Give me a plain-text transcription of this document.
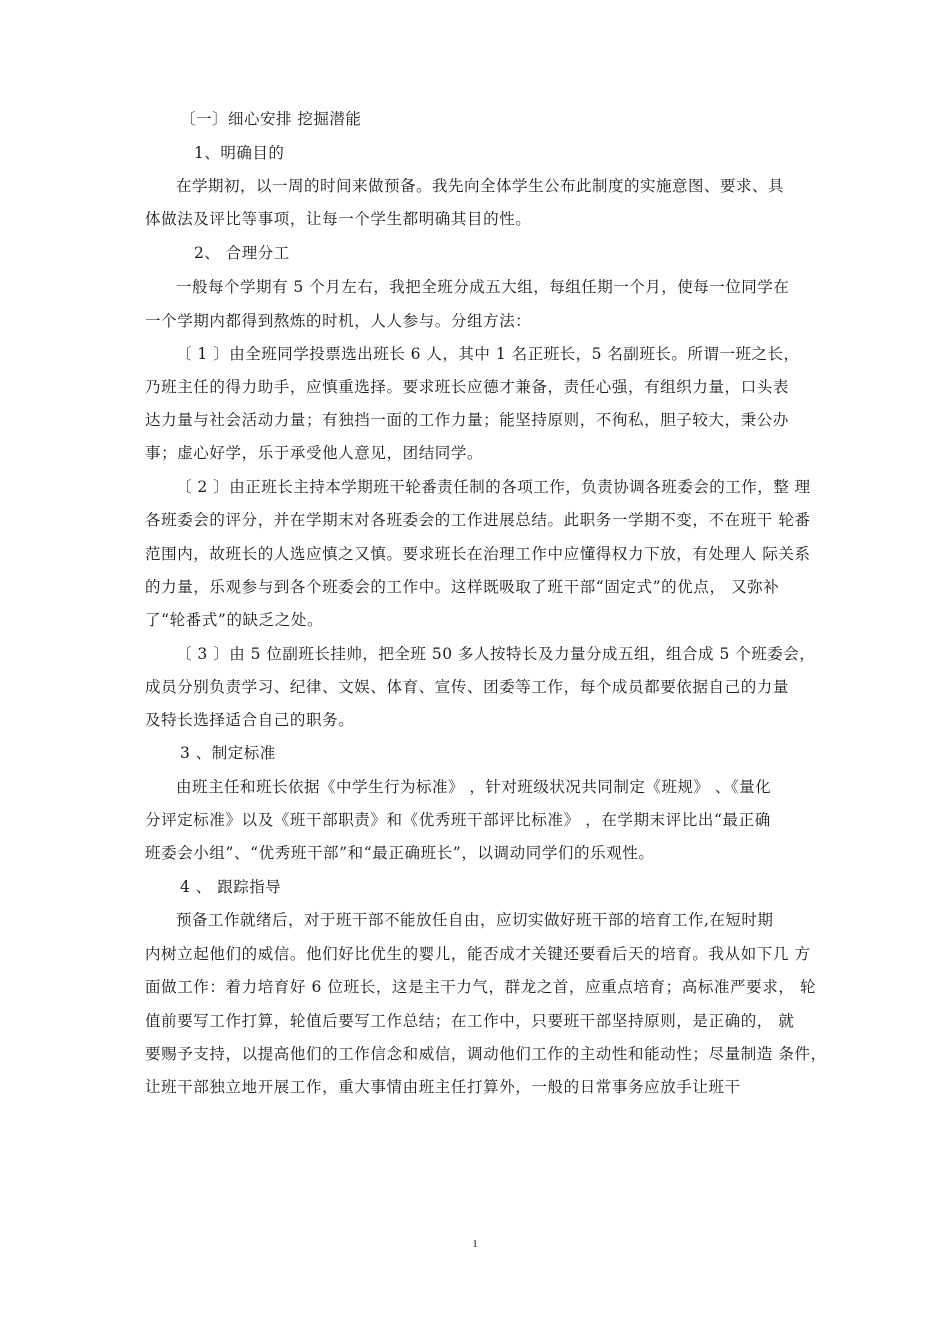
〔一〕细心安排 挖掘潜能
1、明确目的
在学期初，以一周的时间来做预备。我先向全体学生公布此制度的实施意图、要求、具
体做法及评比等事项，让每一个学生都明确其目的性。
2、 合理分工
一般每个学期有 5 个月左右，我把全班分成五大组，每组任期一个月，使每一位同学在
一个学期内都得到熬炼的时机，人人参与。分组方法：
〔 1 〕由全班同学投票选出班长 6 人，其中 1 名正班长，5 名副班长。所谓一班之长，
乃班主任的得力助手，应慎重选择。要求班长应德才兼备，责任心强，有组织力量，口头表
达力量与社会活动力量；有独挡一面的工作力量；能坚持原则，不徇私，胆子较大，秉公办
事；虚心好学，乐于承受他人意见，团结同学。
〔 2 〕由正班长主持本学期班干轮番责任制的各项工作，负责协调各班委会的工作，整 理
各班委会的评分，并在学期末对各班委会的工作进展总结。此职务一学期不变，不在班干 轮番
范围内，故班长的人选应慎之又慎。要求班长在治理工作中应懂得权力下放，有处理人 际关系
的力量，乐观参与到各个班委会的工作中。这样既吸取了班干部“固定式”的优点， 又弥补
了“轮番式”的缺乏之处。
〔 3 〕由 5 位副班长挂帅，把全班 50 多人按特长及力量分成五组，组合成 5 个班委会，
成员分别负责学习、纪律、文娱、体育、宣传、团委等工作，每个成员都要依据自己的力量
及特长选择适合自己的职务。
3 、制定标准
由班主任和班长依据《中学生行为标准》 ，针对班级状况共同制定《班规》 、《量化
分评定标准》以及《班干部职责》和《优秀班干部评比标准》 ，在学期末评比出“最正确
班委会小组”、“优秀班干部”和“最正确班长”，以调动同学们的乐观性。
4 、 跟踪指导
预备工作就绪后，对于班干部不能放任自由，应切实做好班干部的培育工作,在短时期
内树立起他们的威信。他们好比优生的婴儿，能否成才关键还要看后天的培育。我从如下几 方
面做工作：着力培育好 6 位班长，这是主干力气，群龙之首，应重点培育；高标准严要求， 轮
值前要写工作打算，轮值后要写工作总结；在工作中，只要班干部坚持原则，是正确的， 就
要赐予支持，以提高他们的工作信念和威信，调动他们工作的主动性和能动性；尽量制造 条件，
让班干部独立地开展工作，重大事情由班主任打算外，一般的日常事务应放手让班干
1
